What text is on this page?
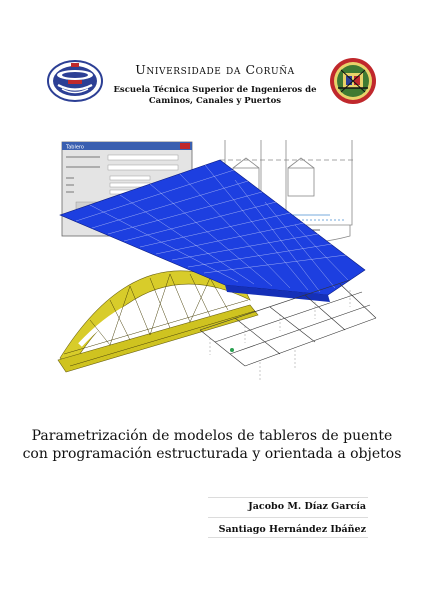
Universidade da Coruña
Escuela Técnica Superior de Ingenieros de
Caminos, Canales y Puertos
Tablero
Parametrización de modelos de tableros de puente
con programación estructurada y orientada a objetos
Jacobo M. Díaz García
Santiago Hernández Ibáñez
